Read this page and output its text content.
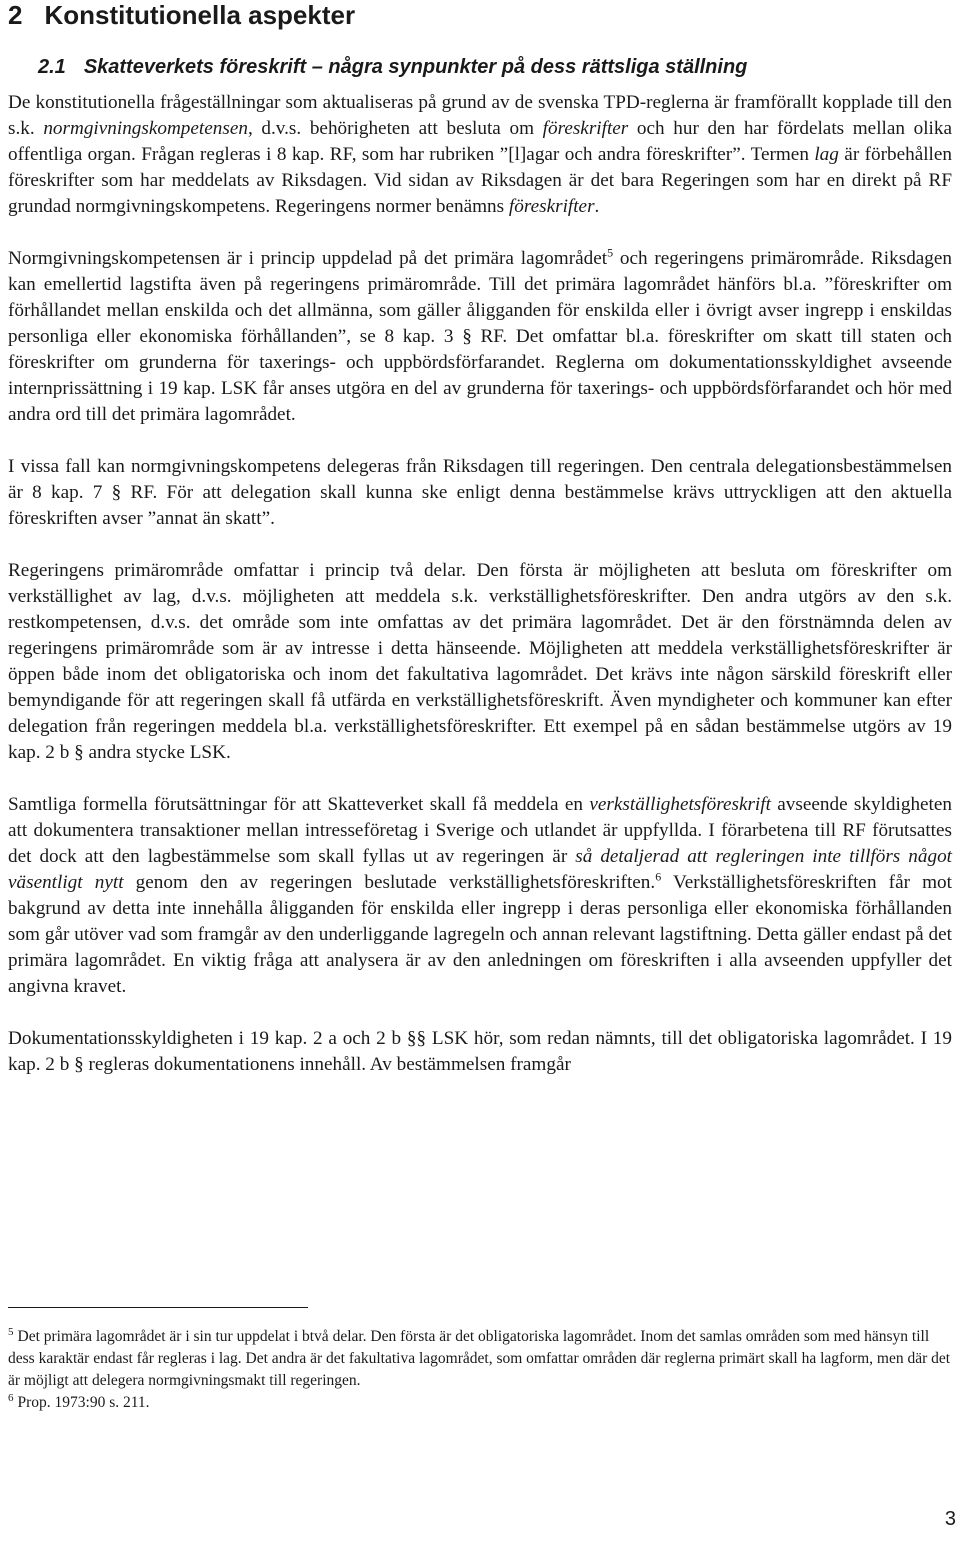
2 Konstitutionella aspekter
2.1 Skatteverkets föreskrift – några synpunkter på dess rättsliga ställning

De konstitutionella frågeställningar som aktualiseras på grund av de svenska TPD-reglerna är framförallt kopplade till den s.k. normgivningskompetensen, d.v.s. behörigheten att besluta om föreskrifter och hur den har fördelats mellan olika offentliga organ. Frågan regleras i 8 kap. RF, som har rubriken ”[l]agar och andra föreskrifter”. Termen lag är förbehållen föreskrifter som har meddelats av Riksdagen. Vid sidan av Riksdagen är det bara Regeringen som har en direkt på RF grundad normgivningskompetens. Regeringens normer benämns föreskrifter.

Normgivningskompetensen är i princip uppdelad på det primära lagområdet$^5$ och regeringens primärområde. Riksdagen kan emellertid lagstifta även på regeringens primärområde. Till det primära lagområdet hänförs bl.a. ”föreskrifter om förhållandet mellan enskilda och det allmänna, som gäller åligganden för enskilda eller i övrigt avser ingrepp i enskildas personliga eller ekonomiska förhållanden”, se 8 kap. 3 § RF. Det omfattar bl.a. föreskrifter om skatt till staten och föreskrifter om grunderna för taxerings- och uppbördsförfarandet. Reglerna om dokumentationsskyldighet avseende internprissättning i 19 kap. LSK får anses utgöra en del av grunderna för taxerings- och uppbördsförfarandet och hör med andra ord till det primära lagområdet.

I vissa fall kan normgivningskompetens delegeras från Riksdagen till regeringen. Den centrala delegationsbestämmelsen är 8 kap. 7 § RF. För att delegation skall kunna ske enligt denna bestämmelse krävs uttryckligen att den aktuella föreskriften avser ”annat än skatt”.

Regeringens primärområde omfattar i princip två delar. Den första är möjligheten att besluta om föreskrifter om verkställighet av lag, d.v.s. möjligheten att meddela s.k. verkställighetsföreskrifter. Den andra utgörs av den s.k. restkompetensen, d.v.s. det område som inte omfattas av det primära lagområdet. Det är den förstnämnda delen av regeringens primärområde som är av intresse i detta hänseende. Möjligheten att meddela verkställighetsföreskrifter är öppen både inom det obligatoriska och inom det fakultativa lagområdet. Det krävs inte någon särskild föreskrift eller bemyndigande för att regeringen skall få utfärda en verkställighetsföreskrift. Även myndigheter och kommuner kan efter delegation från regeringen meddela bl.a. verkställighetsföreskrifter. Ett exempel på en sådan bestämmelse utgörs av 19 kap. 2 b § andra stycke LSK.

Samtliga formella förutsättningar för att Skatteverket skall få meddela en verkställighetsföreskrift avseende skyldigheten att dokumentera transaktioner mellan intresseföretag i Sverige och utlandet är uppfyllda. I förarbetena till RF förutsattes det dock att den lagbestämmelse som skall fyllas ut av regeringen är så detaljerad att regleringen inte tillförs något väsentligt nytt genom den av regeringen beslutade verkställighetsföreskriften.$^6$ Verkställighetsföreskriften får mot bakgrund av detta inte innehålla åligganden för enskilda eller ingrepp i deras personliga eller ekonomiska förhållanden som går utöver vad som framgår av den underliggande lagregeln och annan relevant lagstiftning. Detta gäller endast på det primära lagområdet. En viktig fråga att analysera är av den anledningen om föreskriften i alla avseenden uppfyller det angivna kravet.

Dokumentationsskyldigheten i 19 kap. 2 a och 2 b §§ LSK hör, som redan nämnts, till det obligatoriska lagområdet. I 19 kap. 2 b § regleras dokumentationens innehåll. Av bestämmelsen framgår

$^5$ Det primära lagområdet är i sin tur uppdelat i btvå delar. Den första är det obligatoriska lagområdet. Inom det samlas områden som med hänsyn till dess karaktär endast får regleras i lag. Det andra är det fakultativa lagområdet, som omfattar områden där reglerna primärt skall ha lagform, men där det är möjligt att delegera normgivningsmakt till regeringen.

$^6$ Prop. 1973:90 s. 211.

3
